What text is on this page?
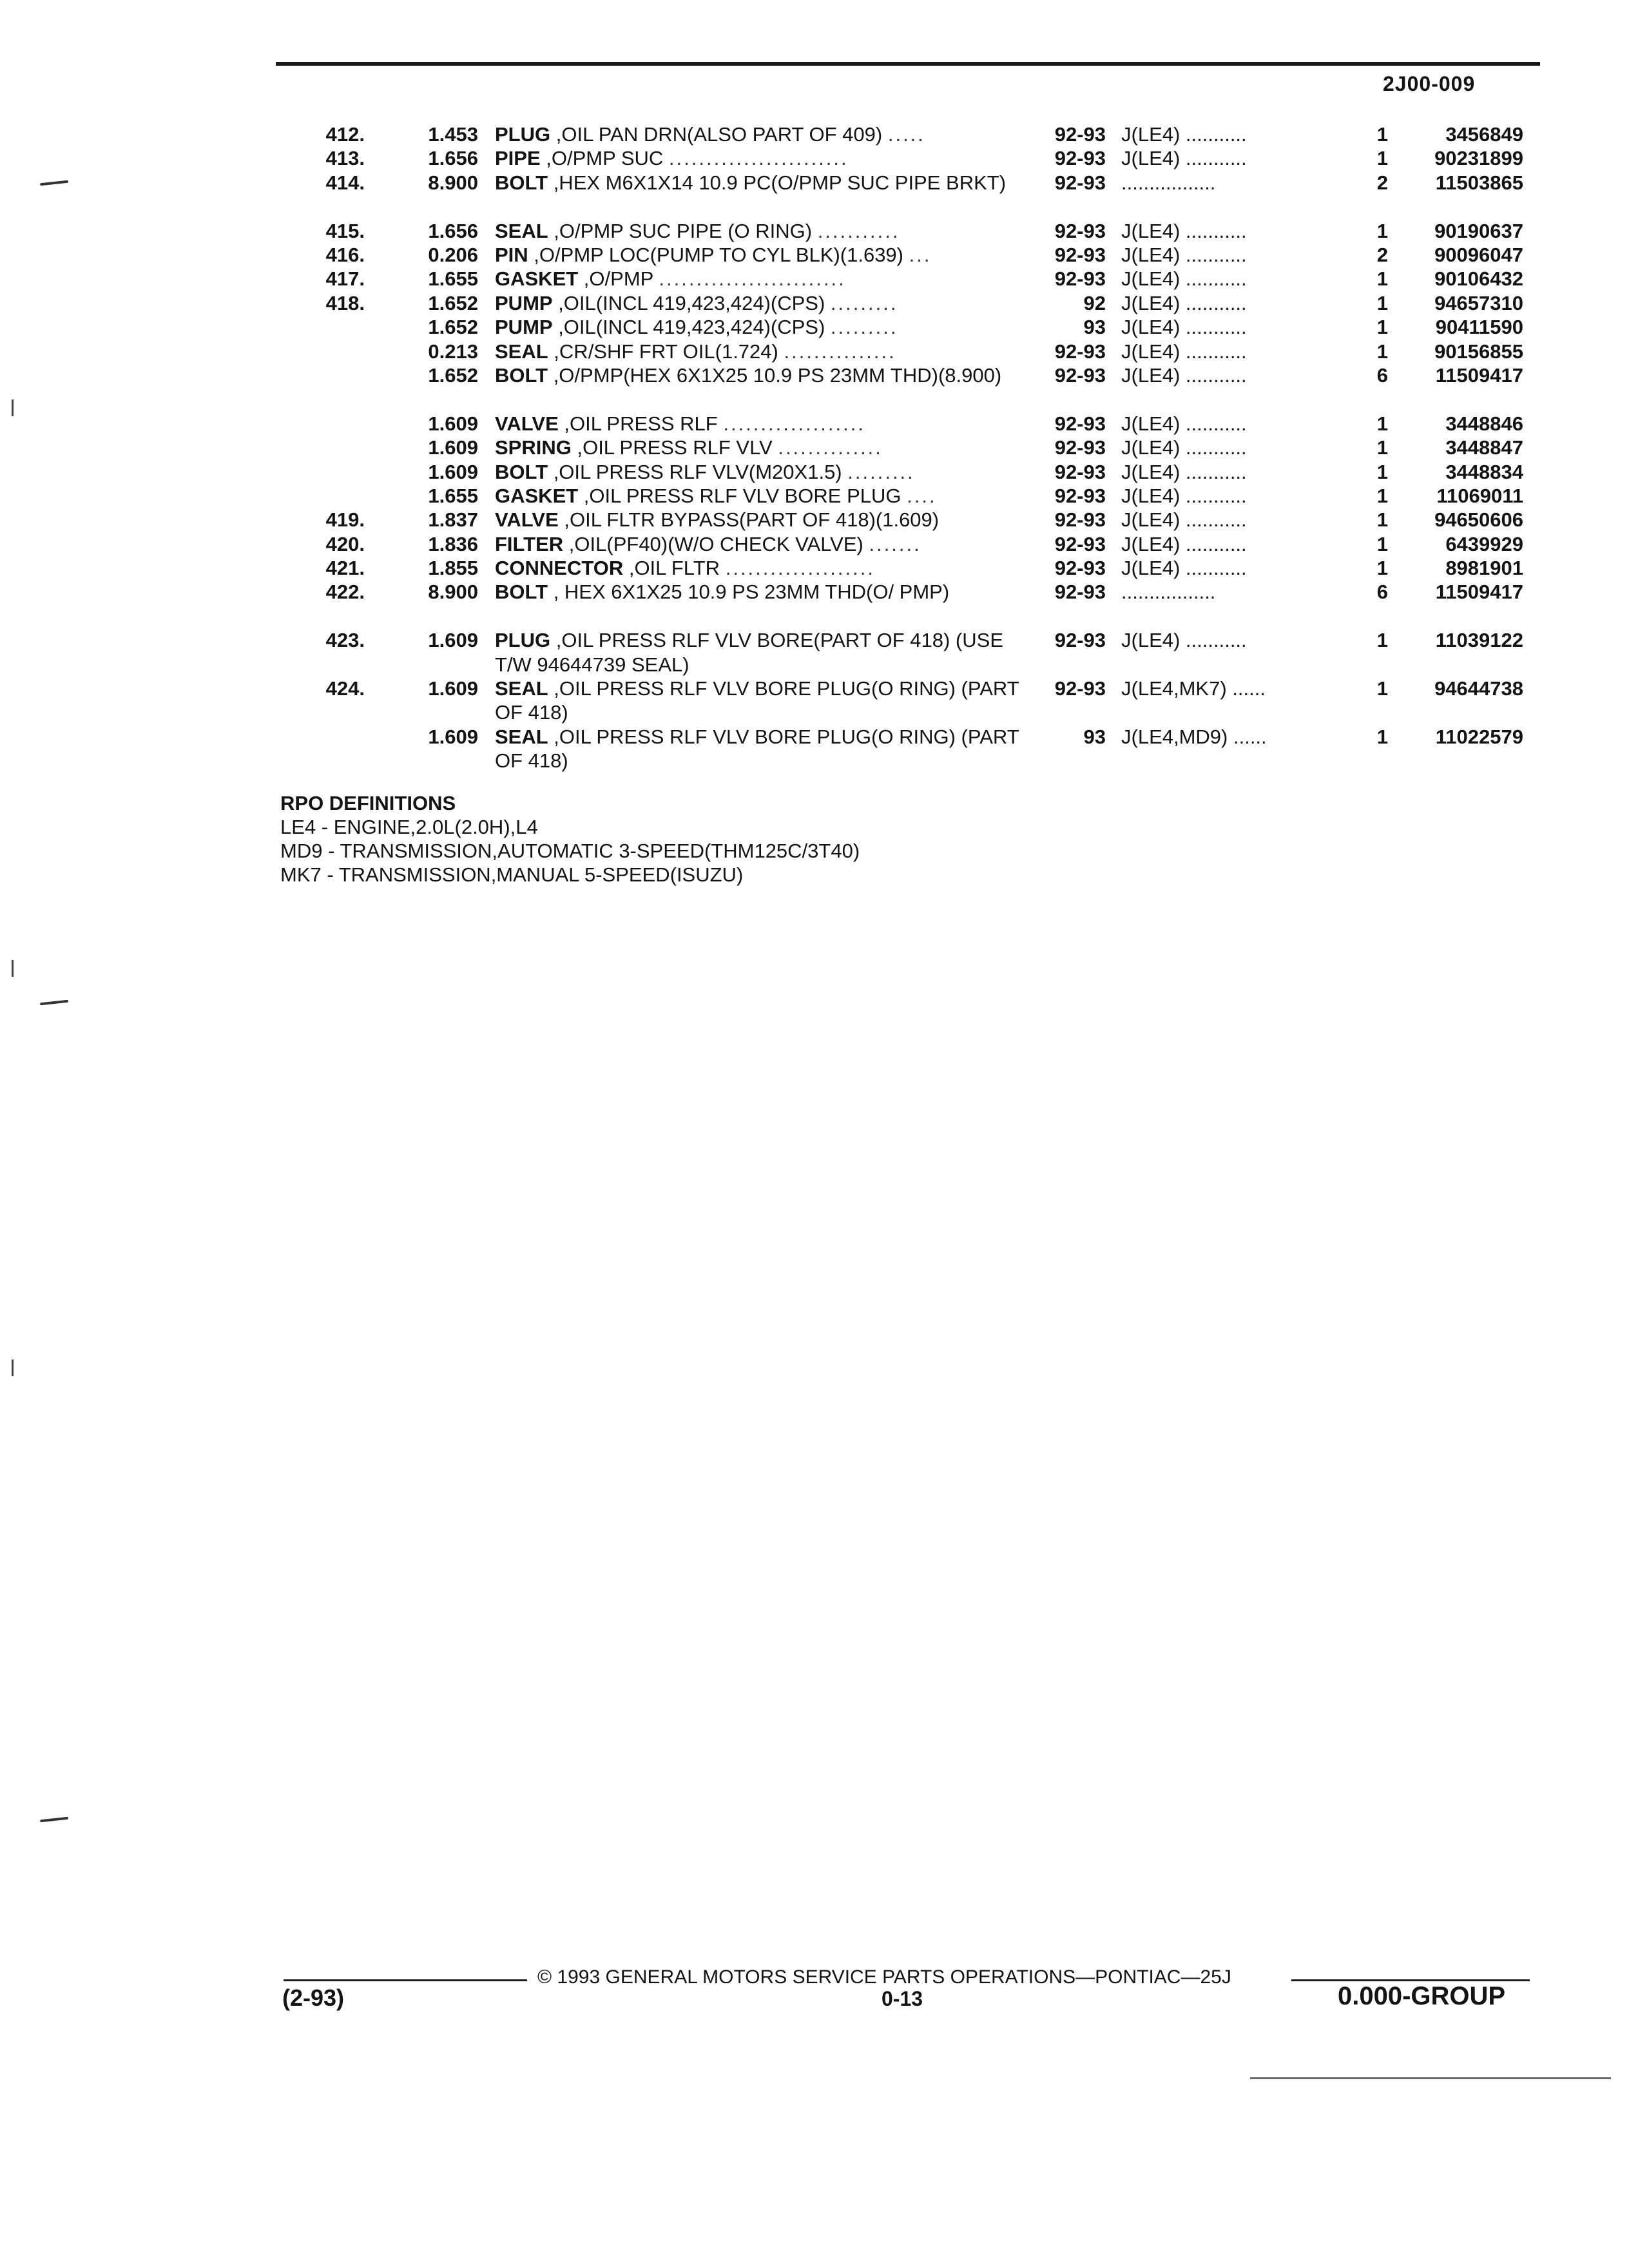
2J00-009
412.	1.453 PLUG ,OIL PAN DRN(ALSO PART OF 409) .....	92-93 J(LE4) ...........	1	3456849
413.	1.656 PIPE ,O/PMP SUC ........................	92-93 J(LE4) ...........	1	90231899
414.	8.900 BOLT ,HEX M6X1X14 10.9 PC(O/PMP SUC PIPE BRKT)	92-93 .................	2	11503865
415.	1.656 SEAL ,O/PMP SUC PIPE (O RING) ...........	92-93 J(LE4) ...........	1	90190637
416.	0.206 PIN ,O/PMP LOC(PUMP TO CYL BLK)(1.639) ...	92-93 J(LE4) ...........	2	90096047
417.	1.655 GASKET ,O/PMP .........................	92-93 J(LE4) ...........	1	90106432
418.	1.652 PUMP ,OIL(INCL 419,423,424)(CPS) .........	92 J(LE4) ...........	1	94657310
1.652 PUMP ,OIL(INCL 419,423,424)(CPS) .........	93 J(LE4) ...........	1	90411590
0.213 SEAL ,CR/SHF FRT OIL(1.724) ...............	92-93 J(LE4) ...........	1	90156855
1.652 BOLT ,O/PMP(HEX 6X1X25 10.9 PS 23MM THD)(8.900)	92-93 J(LE4) ...........	6	11509417
1.609 VALVE ,OIL PRESS RLF ...................	92-93 J(LE4) ...........	1	3448846
1.609 SPRING ,OIL PRESS RLF VLV ..............	92-93 J(LE4) ...........	1	3448847
1.609 BOLT ,OIL PRESS RLF VLV(M20X1.5) .........	92-93 J(LE4) ...........	1	3448834
1.655 GASKET ,OIL PRESS RLF VLV BORE PLUG ....	92-93 J(LE4) ...........	1	11069011
419.	1.837 VALVE ,OIL FLTR BYPASS(PART OF 418)(1.609)	92-93 J(LE4) ...........	1	94650606
420.	1.836 FILTER ,OIL(PF40)(W/O CHECK VALVE) .......	92-93 J(LE4) ...........	1	6439929
421.	1.855 CONNECTOR ,OIL FLTR ....................	92-93 J(LE4) ...........	1	8981901
422.	8.900 BOLT , HEX 6X1X25 10.9 PS 23MM THD(O/ PMP)	92-93 .................	6	11509417
423.	1.609 PLUG ,OIL PRESS RLF VLV BORE(PART OF 418) (USE T/W 94644739 SEAL)
92-93 J(LE4) ...........	1	11039122
424.	1.609 SEAL ,OIL PRESS RLF VLV BORE PLUG(O RING) (PART OF 418)
92-93 J(LE4,MK7) ......	1	94644738
1.609 SEAL ,OIL PRESS RLF VLV BORE PLUG(O RING) (PART OF 418)
93 J(LE4,MD9) ......	1	11022579
RPO DEFINITIONS
LE4 - ENGINE,2.0L(2.0H),L4
MD9 - TRANSMISSION,AUTOMATIC 3-SPEED(THM125C/3T40)
MK7 - TRANSMISSION,MANUAL 5-SPEED(ISUZU)
© 1993 GENERAL MOTORS SERVICE PARTS OPERATIONS—PONTIAC—25J
(2-93)	0-13	0.000-GROUP
